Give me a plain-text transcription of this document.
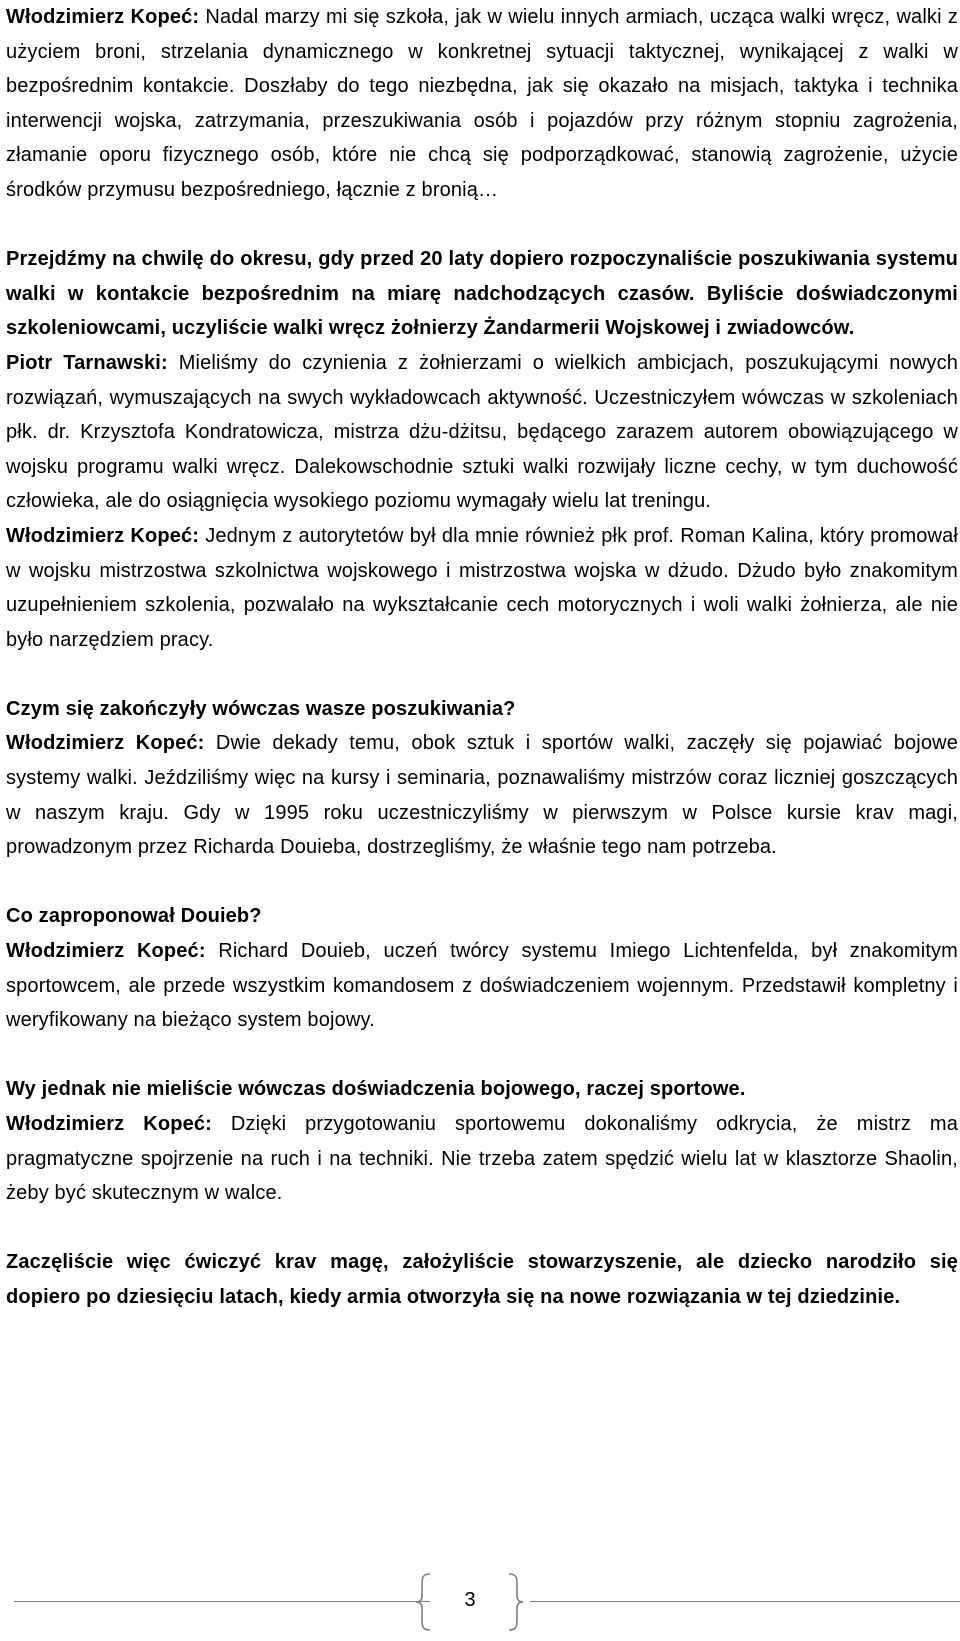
Włodzimierz Kopeć: Nadal marzy mi się szkoła, jak w wielu innych armiach, ucząca walki wręcz, walki z użyciem broni, strzelania dynamicznego w konkretnej sytuacji taktycznej, wynikającej z walki w bezpośrednim kontakcie. Doszłaby do tego niezbędna, jak się okazało na misjach, taktyka i technika interwencji wojska, zatrzymania, przeszukiwania osób i pojazdów przy różnym stopniu zagrożenia, złamanie oporu fizycznego osób, które nie chcą się podporządkować, stanowią zagrożenie, użycie środków przymusu bezpośredniego, łącznie z bronią…

Przejdźmy na chwilę do okresu, gdy przed 20 laty dopiero rozpoczynaliście poszukiwania systemu walki w kontakcie bezpośrednim na miarę nadchodzących czasów. Byliście doświadczonymi szkoleniowcami, uczyliście walki wręcz żołnierzy Żandarmerii Wojskowej i zwiadowców.

Piotr Tarnawski: Mieliśmy do czynienia z żołnierzami o wielkich ambicjach, poszukującymi nowych rozwiązań, wymuszających na swych wykładowcach aktywność. Uczestniczyłem wówczas w szkoleniach płk. dr. Krzysztofa Kondratowicza, mistrza dżu-dżitsu, będącego zarazem autorem obowiązującego w wojsku programu walki wręcz. Dalekowschodnie sztuki walki rozwijały liczne cechy, w tym duchowość człowieka, ale do osiągnięcia wysokiego poziomu wymagały wielu lat treningu.

Włodzimierz Kopeć: Jednym z autorytetów był dla mnie również płk prof. Roman Kalina, który promował w wojsku mistrzostwa szkolnictwa wojskowego i mistrzostwa wojska w dżudo. Dżudo było znakomitym uzupełnieniem szkolenia, pozwalało na wykształcanie cech motorycznych i woli walki żołnierza, ale nie było narzędziem pracy.

Czym się zakończyły wówczas wasze poszukiwania?

Włodzimierz Kopeć: Dwie dekady temu, obok sztuk i sportów walki, zaczęły się pojawiać bojowe systemy walki. Jeździliśmy więc na kursy i seminaria, poznawaliśmy mistrzów coraz liczniej goszczących w naszym kraju. Gdy w 1995 roku uczestniczyliśmy w pierwszym w Polsce kursie krav magi, prowadzonym przez Richarda Douieba, dostrzegliśmy, że właśnie tego nam potrzeba.

Co zaproponował Douieb?

Włodzimierz Kopeć: Richard Douieb, uczeń twórcy systemu Imiego Lichtenfelda, był znakomitym sportowcem, ale przede wszystkim komandosem z doświadczeniem wojennym. Przedstawił kompletny i weryfikowany na bieżąco system bojowy.

Wy jednak nie mieliście wówczas doświadczenia bojowego, raczej sportowe.

Włodzimierz Kopeć: Dzięki przygotowaniu sportowemu dokonaliśmy odkrycia, że mistrz ma pragmatyczne spojrzenie na ruch i na techniki. Nie trzeba zatem spędzić wielu lat w klasztorze Shaolin, żeby być skutecznym w walce.

Zaczęliście więc ćwiczyć krav magę, założyliście stowarzyszenie, ale dziecko narodziło się dopiero po dziesięciu latach, kiedy armia otworzyła się na nowe rozwiązania w tej dziedzinie.

3
